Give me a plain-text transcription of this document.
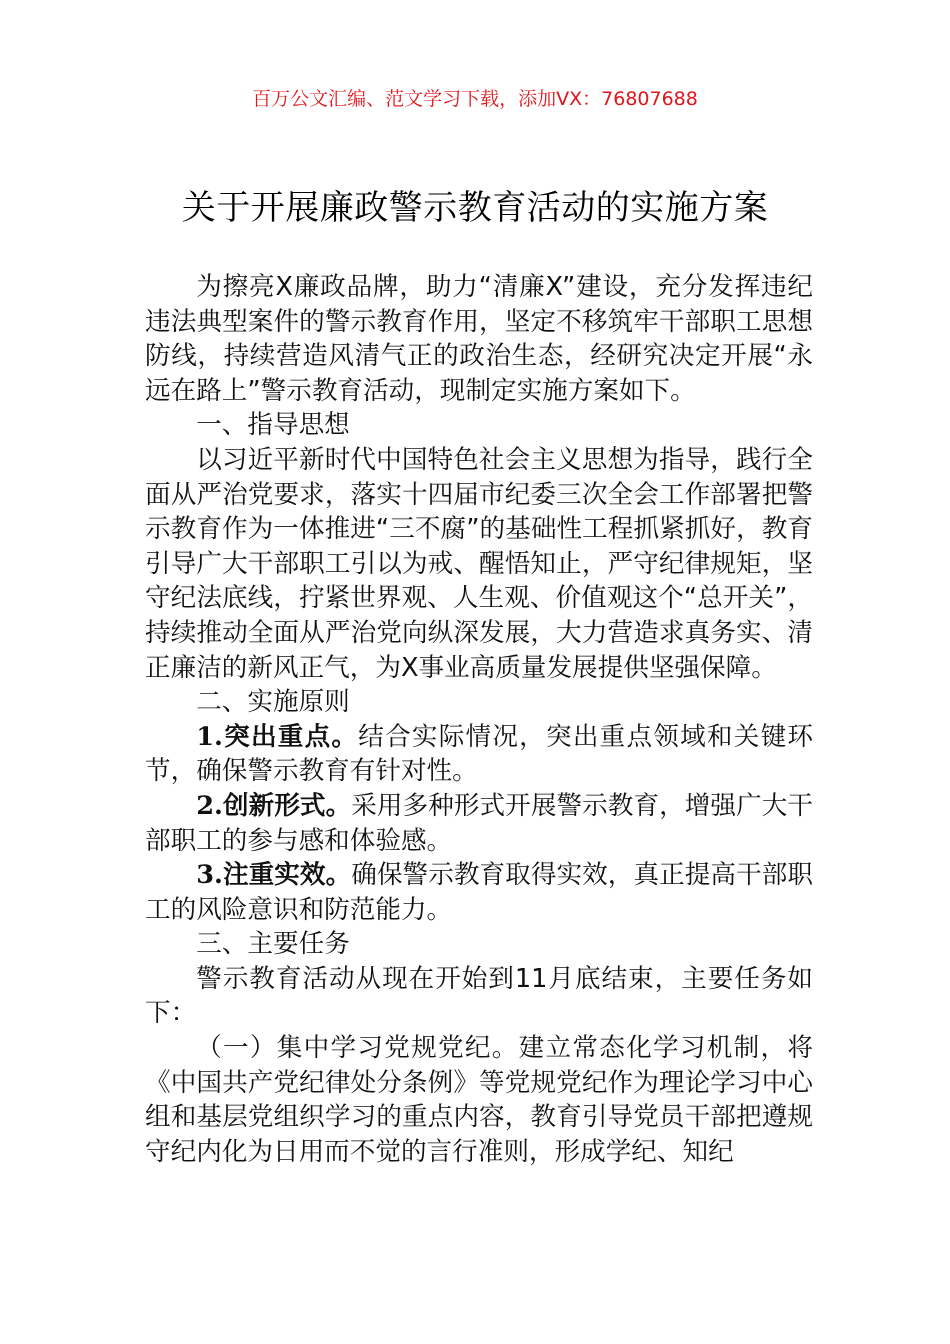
百万公文汇编、范文学习下载，添加VX：76807688
关于开展廉政警示教育活动的实施方案

为擦亮X廉政品牌，助力“清廉X”建设，充分发挥违纪违法典型案件的警示教育作用，坚定不移筑牢干部职工思想防线，持续营造风清气正的政治生态，经研究决定开展“永远在路上”警示教育活动，现制定实施方案如下。

一、指导思想

以习近平新时代中国特色社会主义思想为指导，践行全面从严治党要求，落实十四届市纪委三次全会工作部署把警示教育作为一体推进“三不腐”的基础性工程抓紧抓好，教育引导广大干部职工引以为戒、醒悟知止，严守纪律规矩，坚守纪法底线，拧紧世界观、人生观、价值观这个“总开关”，持续推动全面从严治党向纵深发展，大力营造求真务实、清正廉洁的新风正气，为X事业高质量发展提供坚强保障。

二、实施原则

1.突出重点。结合实际情况，突出重点领域和关键环节，确保警示教育有针对性。

2.创新形式。采用多种形式开展警示教育，增强广大干部职工的参与感和体验感。

3.注重实效。确保警示教育取得实效，真正提高干部职工的风险意识和防范能力。

三、主要任务

警示教育活动从现在开始到11月底结束，主要任务如下：

（一）集中学习党规党纪。建立常态化学习机制，将《中国共产党纪律处分条例》等党规党纪作为理论学习中心组和基层党组织学习的重点内容，教育引导党员干部把遵规守纪内化为日用而不觉的言行准则，形成学纪、知纪
